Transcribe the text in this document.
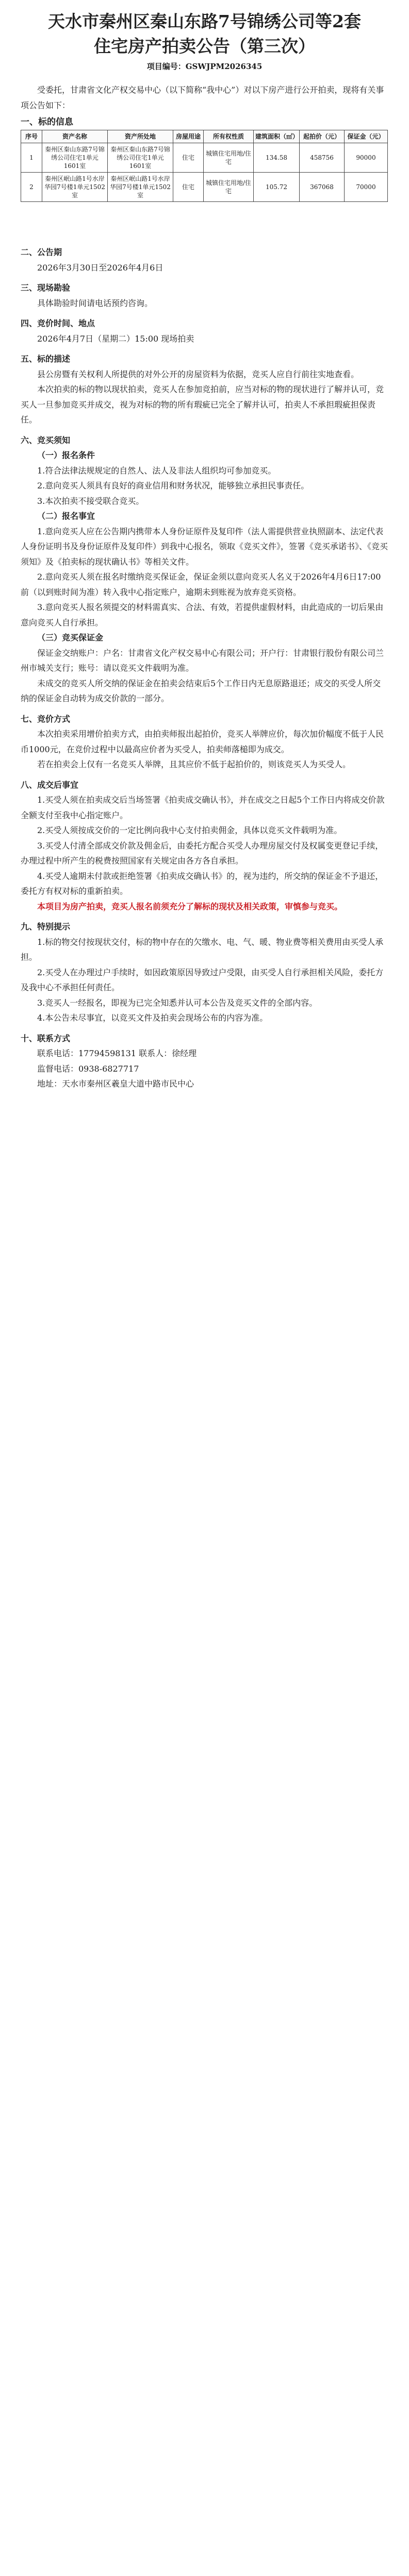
天水市秦州区秦山东路7号锦绣公司等2套
住宅房产拍卖公告（第三次）
项目编号：GSWJPM2026345
受委托，甘肃省文化产权交易中心（以下简称“我中心”）对以下房产进行公开拍卖，现将有关事项公告如下：
一、标的信息
序号	资产名称	资产所处地	房屋用途	所有权性质	建筑面积（㎡）	起拍价（元）	保证金（元）
1	秦州区秦山东路7号锦绣公司住宅1单元1601室	秦州区秦山东路7号锦绣公司住宅1单元1601室	住宅	城镇住宅用地/住宅	134.58	458756	90000
2	秦州区岷山路1号水岸华园7号楼1单元1502室	秦州区岷山路1号水岸华园7号楼1单元1502室	住宅	城镇住宅用地/住宅	105.72	367068	70000

二、公告期

2026年3月30日至2026年4月6日

三、现场勘验

具体勘验时间请电话预约咨询。

四、竞价时间、地点

2026年4月7日（星期二）15:00 现场拍卖

五、标的描述

县公房暨有关权利人所提供的对外公开的房屋资料为依据，竞买人应自行前往实地查看。

本次拍卖的标的物以现状拍卖，竞买人在参加竞拍前，应当对标的物的现状进行了解并认可，竞买人一旦参加竞买并成交，视为对标的物的所有瑕疵已完全了解并认可，拍卖人不承担瑕疵担保责任。

六、竞买须知

（一）报名条件

1.符合法律法规规定的自然人、法人及非法人组织均可参加竞买。

2.意向竞买人须具有良好的商业信用和财务状况，能够独立承担民事责任。

3.本次拍卖不接受联合竞买。

（二）报名事宜

1.意向竞买人应在公告期内携带本人身份证原件及复印件（法人需提供营业执照副本、法定代表人身份证明书及身份证原件及复印件）到我中心报名，领取《竞买文件》，签署《竞买承诺书》、《竞买须知》及《拍卖标的现状确认书》等相关文件。

2.意向竞买人须在报名时缴纳竞买保证金，保证金须以意向竞买人名义于2026年4月6日17:00前（以到账时间为准）转入我中心指定账户，逾期未到账视为放弃竞买资格。

3.意向竞买人报名须提交的材料需真实、合法、有效，若提供虚假材料，由此造成的一切后果由意向竞买人自行承担。

（三）竞买保证金

保证金交纳账户：户名：甘肃省文化产权交易中心有限公司；开户行：甘肃银行股份有限公司兰州市城关支行；账号：请以竞买文件载明为准。

未成交的竞买人所交纳的保证金在拍卖会结束后5个工作日内无息原路退还；成交的买受人所交纳的保证金自动转为成交价款的一部分。

七、竞价方式

本次拍卖采用增价拍卖方式，由拍卖师报出起拍价，竞买人举牌应价，每次加价幅度不低于人民币1000元，在竞价过程中以最高应价者为买受人，拍卖师落槌即为成交。

若在拍卖会上仅有一名竞买人举牌，且其应价不低于起拍价的，则该竞买人为买受人。

八、成交后事宜

1.买受人须在拍卖成交后当场签署《拍卖成交确认书》，并在成交之日起5个工作日内将成交价款全额支付至我中心指定账户。

2.买受人须按成交价的一定比例向我中心支付拍卖佣金，具体以竞买文件载明为准。

3.买受人付清全部成交价款及佣金后，由委托方配合买受人办理房屋交付及权属变更登记手续，办理过程中所产生的税费按照国家有关规定由各方各自承担。

4.买受人逾期未付款或拒绝签署《拍卖成交确认书》的，视为违约，所交纳的保证金不予退还，委托方有权对标的重新拍卖。

本项目为房产拍卖，竞买人报名前须充分了解标的现状及相关政策，审慎参与竞买。

九、特别提示

1.标的物交付按现状交付，标的物中存在的欠缴水、电、气、暖、物业费等相关费用由买受人承担。

2.买受人在办理过户手续时，如因政策原因导致过户受限，由买受人自行承担相关风险，委托方及我中心不承担任何责任。

3.竞买人一经报名，即视为已完全知悉并认可本公告及竞买文件的全部内容。

4.本公告未尽事宜，以竞买文件及拍卖会现场公布的内容为准。

十、联系方式

联系电话：17794598131 联系人：徐经理

监督电话：0938-6827717

地址：天水市秦州区羲皇大道中路市民中心
